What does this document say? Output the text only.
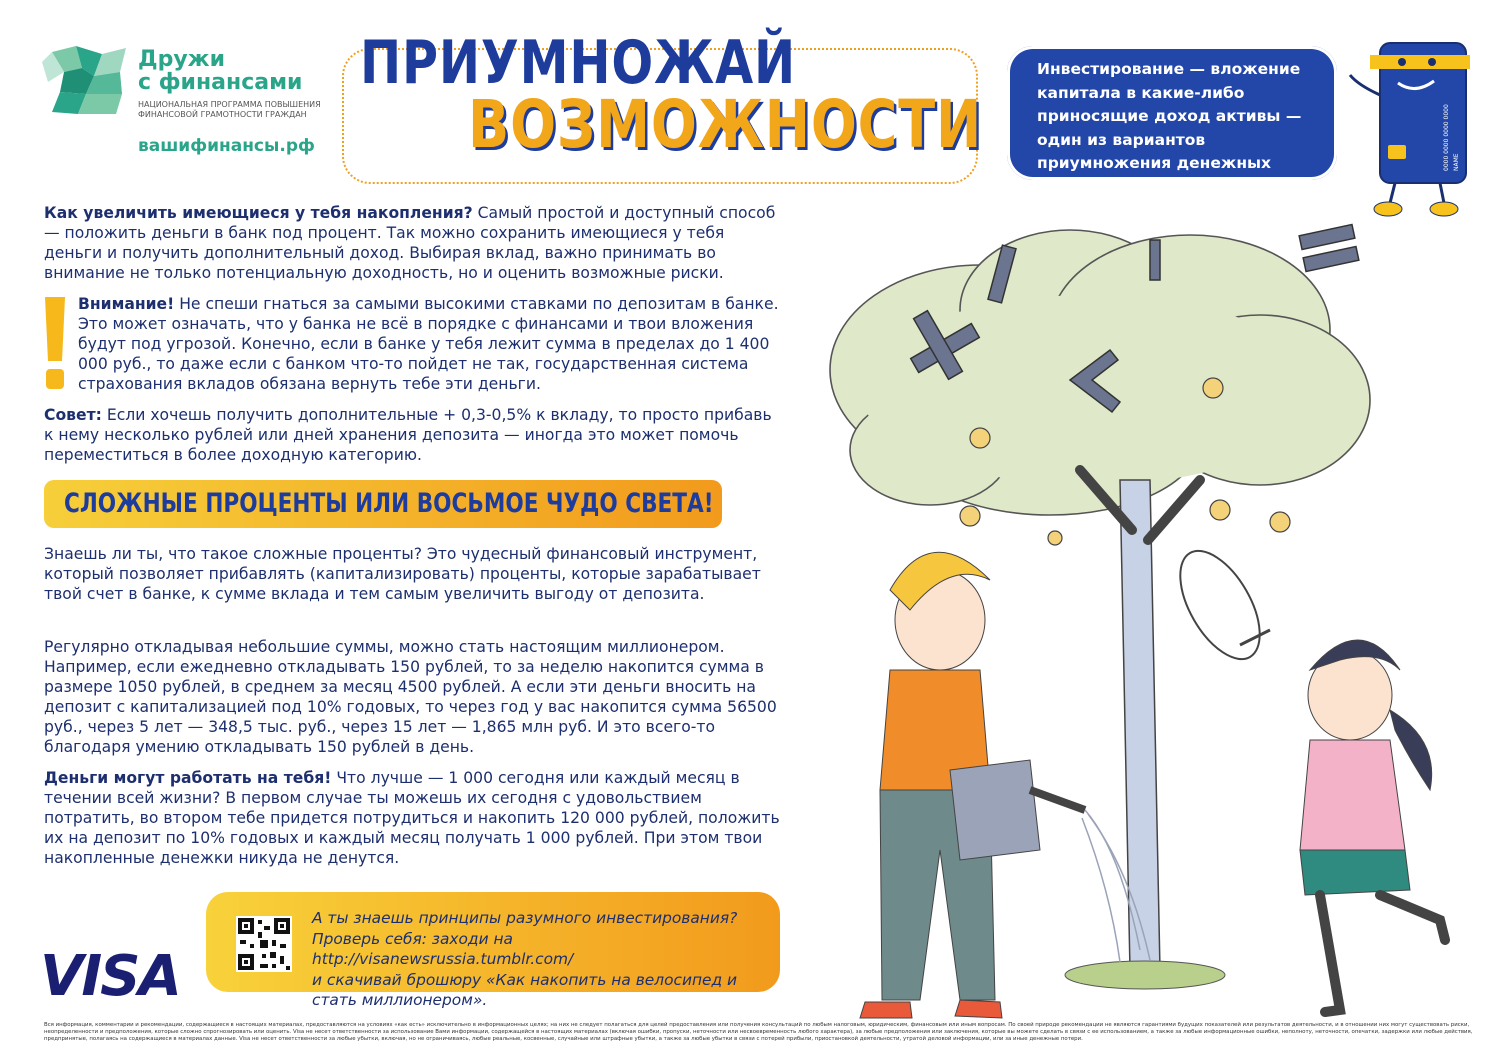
Дружи
с финансами
НАЦИОНАЛЬНАЯ ПРОГРАММА ПОВЫШЕНИЯ ФИНАНСОВОЙ ГРАМОТНОСТИ ГРАЖДАН
вашифинансы.рф
ПРИУМНОЖАЙ
ВОЗМОЖНОСТИ
Инвестирование — вложение капитала в какие-либо приносящие доход активы — один из вариантов приумножения денежных средств.
0000 0000 0000 0000 NAME
Как увеличить имеющиеся у тебя накопления? Самый простой и доступный способ — положить деньги в банк под процент. Так можно сохранить имеющиеся у тебя деньги и получить дополнительный доход. Выбирая вклад, важно принимать во внимание не только потенциальную доходность, но и оценить возможные риски.
Внимание! Не спеши гнаться за самыми высокими ставками по депозитам в банке. Это может означать, что у банка не всё в порядке с финансами и твои вложения будут под угрозой. Конечно, если в банке у тебя лежит сумма в пределах до 1 400 000 руб., то даже если с банком что-то пойдет не так, государственная система страхования вкладов обязана вернуть тебе эти деньги.
Совет: Если хочешь получить дополнительные + 0,3-0,5% к вкладу, то просто прибавь к нему несколько рублей или дней хранения депозита — иногда это может помочь переместиться в более доходную категорию.
СЛОЖНЫЕ ПРОЦЕНТЫ ИЛИ ВОСЬМОЕ ЧУДО СВЕТА!
Знаешь ли ты, что такое сложные проценты? Это чудесный финансовый инструмент, который позволяет прибавлять (капитализировать) проценты, которые зарабатывает твой счет в банке, к сумме вклада и тем самым увеличить выгоду от депозита.
Регулярно откладывая небольшие суммы, можно стать настоящим миллионером. Например, если ежедневно откладывать 150 рублей, то за неделю накопится сумма в размере 1050 рублей, в среднем за месяц 4500 рублей. А если эти деньги вносить на депозит с капитализацией под 10% годовых, то через год у вас накопится сумма 56500 руб., через 5 лет — 348,5 тыс. руб., через 15 лет — 1,865 млн руб. И это всего-то благодаря умению откладывать 150 рублей в день.
Деньги могут работать на тебя! Что лучше — 1 000 сегодня или каждый месяц в течении всей жизни? В первом случае ты можешь их сегодня с удовольствием потратить, во втором тебе придется потрудиться и накопить 120 000 рублей, положить их на депозит по 10% годовых и каждый месяц получать 1 000 рублей. При этом твои накопленные денежки никуда не денутся.
А ты знаешь принципы разумного инвестирования?
Проверь себя: заходи на http://visanewsrussia.tumblr.com/
и скачивай брошюру «Как накопить на велосипед и стать миллионером».
VISA
Вся информация, комментарии и рекомендации, содержащиеся в настоящих материалах, предоставляются на условиях «как есть» исключительно в информационных целях; на них не следует полагаться для целей предоставления или получения консультаций по любым налоговым, юридическим, финансовым или иным вопросам. По своей природе рекомендации не являются гарантиями будущих показателей или результатов деятельности, и в отношении них могут существовать риски, неопределенности и предположения, которые сложно спрогнозировать или оценить. Visa не несет ответственности за использование Вами информации, содержащейся в настоящих материалах (включая ошибки, пропуски, неточности или несвоевременность любого характера), за любые предположения или заключения, которые вы можете сделать в связи с ее использованием, а также за любые информационные ошибки, неполноту, неточности, опечатки, задержки или любые действия, предпринятые, полагаясь на содержащиеся в материалах данные. Visa не несет ответственности за любые убытки, включая, но не ограничиваясь, любые реальные, косвенные, случайные или штрафные убытки, а также за любые убытки в связи с потерей прибыли, приостановкой деятельности, утратой деловой информации, или за иные денежные потери.
